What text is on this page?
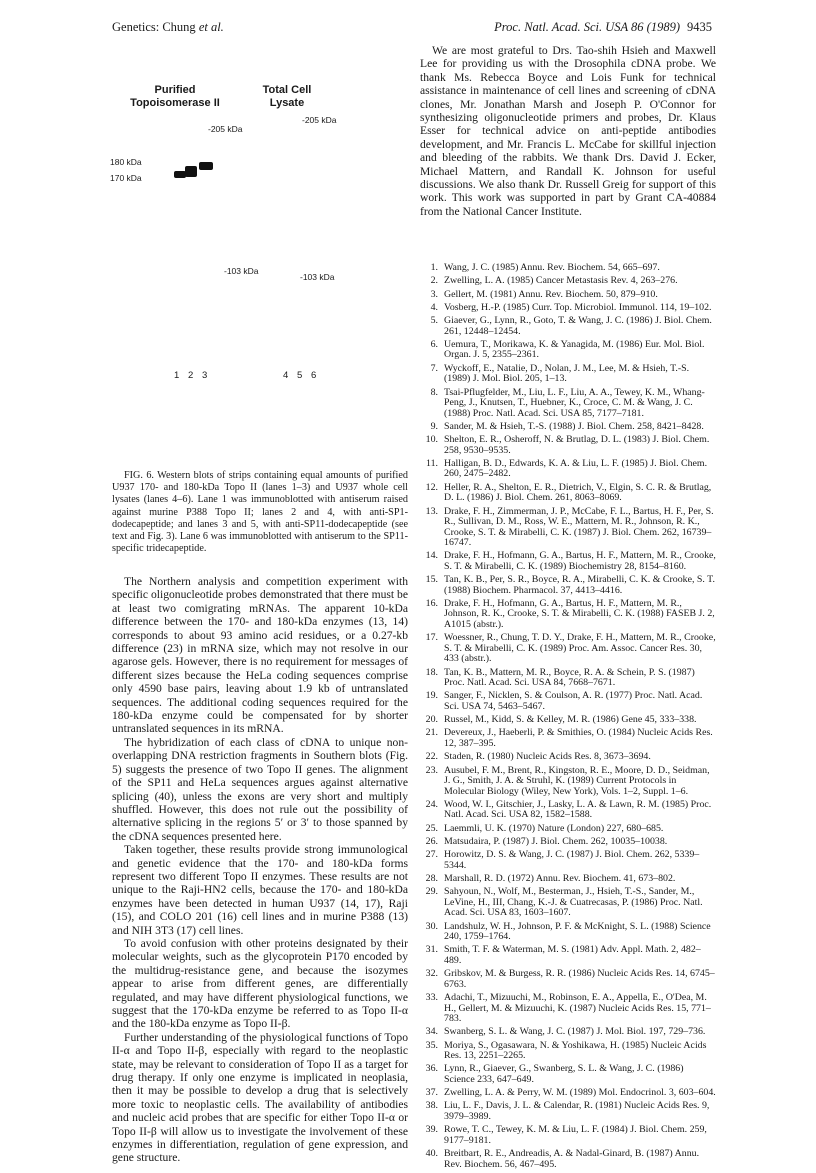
Genetics: Chung et al.	Proc. Natl. Acad. Sci. USA 86 (1989) 9435
Purified
Topoisomerase II
Total Cell
Lysate
-205 kDa
-205 kDa
180 kDa
170 kDa
-103 kDa
-103 kDa
1 2 3	4 5 6

FIG. 6. Western blots of strips containing equal amounts of purified U937 170- and 180-kDa Topo II (lanes 1–3) and U937 whole cell lysates (lanes 4–6). Lane 1 was immunoblotted with antiserum raised against murine P388 Topo II; lanes 2 and 4, with anti-SP1-dodecapeptide; and lanes 3 and 5, with anti-SP11-dodecapeptide (see text and Fig. 3). Lane 6 was immunoblotted with antiserum to the SP11-specific tridecapeptide.

The Northern analysis and competition experiment with specific oligonucleotide probes demonstrated that there must be at least two comigrating mRNAs. The apparent 10-kDa difference between the 170- and 180-kDa enzymes (13, 14) corresponds to about 93 amino acid residues, or a 0.27-kb difference (23) in mRNA size, which may not resolve in our agarose gels. However, there is no requirement for messages of different sizes because the HeLa coding sequences comprise only 4590 base pairs, leaving about 1.9 kb of untranslated sequences. The additional coding sequences required for the 180-kDa enzyme could be compensated for by shorter untranslated sequences in its mRNA.

The hybridization of each class of cDNA to unique non-overlapping DNA restriction fragments in Southern blots (Fig. 5) suggests the presence of two Topo II genes. The alignment of the SP11 and HeLa sequences argues against alternative splicing (40), unless the exons are very short and multiply shuffled. However, this does not rule out the possibility of alternative splicing in the regions 5′ or 3′ to those spanned by the cDNA sequences presented here.

Taken together, these results provide strong immunological and genetic evidence that the 170- and 180-kDa forms represent two different Topo II enzymes. These results are not unique to the Raji-HN2 cells, because the 170- and 180-kDa enzymes have been detected in human U937 (14, 17), Raji (15), and COLO 201 (16) cell lines and in murine P388 (13) and NIH 3T3 (17) cell lines.

To avoid confusion with other proteins designated by their molecular weights, such as the glycoprotein P170 encoded by the multidrug-resistance gene, and because the isozymes appear to arise from different genes, are differentially regulated, and may have different physiological functions, we suggest that the 170-kDa enzyme be referred to as Topo II-α and the 180-kDa enzyme as Topo II-β.

Further understanding of the physiological functions of Topo II-α and Topo II-β, especially with regard to the neoplastic state, may be relevant to consideration of Topo II as a target for drug therapy. If only one enzyme is implicated in neoplasia, then it may be possible to develop a drug that is selectively more toxic to neoplastic cells. The availability of antibodies and nucleic acid probes that are specific for either Topo II-α or Topo II-β will allow us to investigate the involvement of these enzymes in differentiation, regulation of gene expression, and gene structure.

We are most grateful to Drs. Tao-shih Hsieh and Maxwell Lee for providing us with the Drosophila cDNA probe. We thank Ms. Rebecca Boyce and Lois Funk for technical assistance in maintenance of cell lines and screening of cDNA clones, Mr. Jonathan Marsh and Joseph P. O'Connor for synthesizing oligonucleotide primers and probes, Dr. Klaus Esser for technical advice on anti-peptide antibodies development, and Mr. Francis L. McCabe for skillful injection and bleeding of the rabbits. We thank Drs. David J. Ecker, Michael Mattern, and Randall K. Johnson for useful discussions. We also thank Dr. Russell Greig for support of this work. This work was supported in part by Grant CA-40884 from the National Cancer Institute.

1. Wang, J. C. (1985) Annu. Rev. Biochem. 54, 665–697.
2. Zwelling, L. A. (1985) Cancer Metastasis Rev. 4, 263–276.
3. Gellert, M. (1981) Annu. Rev. Biochem. 50, 879–910.
4. Vosberg, H.-P. (1985) Curr. Top. Microbiol. Immunol. 114, 19–102.
5. Giaever, G., Lynn, R., Goto, T. & Wang, J. C. (1986) J. Biol. Chem. 261, 12448–12454.
6. Uemura, T., Morikawa, K. & Yanagida, M. (1986) Eur. Mol. Biol. Organ. J. 5, 2355–2361.
7. Wyckoff, E., Natalie, D., Nolan, J. M., Lee, M. & Hsieh, T.-S. (1989) J. Mol. Biol. 205, 1–13.
8. Tsai-Pflugfelder, M., Liu, L. F., Liu, A. A., Tewey, K. M., Whang-Peng, J., Knutsen, T., Huebner, K., Croce, C. M. & Wang, J. C. (1988) Proc. Natl. Acad. Sci. USA 85, 7177–7181.
9. Sander, M. & Hsieh, T.-S. (1988) J. Biol. Chem. 258, 8421–8428.
10. Shelton, E. R., Osheroff, N. & Brutlag, D. L. (1983) J. Biol. Chem. 258, 9530–9535.
11. Halligan, B. D., Edwards, K. A. & Liu, L. F. (1985) J. Biol. Chem. 260, 2475–2482.
12. Heller, R. A., Shelton, E. R., Dietrich, V., Elgin, S. C. R. & Brutlag, D. L. (1986) J. Biol. Chem. 261, 8063–8069.
13. Drake, F. H., Zimmerman, J. P., McCabe, F. L., Bartus, H. F., Per, S. R., Sullivan, D. M., Ross, W. E., Mattern, M. R., Johnson, R. K., Crooke, S. T. & Mirabelli, C. K. (1987) J. Biol. Chem. 262, 16739–16747.
14. Drake, F. H., Hofmann, G. A., Bartus, H. F., Mattern, M. R., Crooke, S. T. & Mirabelli, C. K. (1989) Biochemistry 28, 8154–8160.
15. Tan, K. B., Per, S. R., Boyce, R. A., Mirabelli, C. K. & Crooke, S. T. (1988) Biochem. Pharmacol. 37, 4413–4416.
16. Drake, F. H., Hofmann, G. A., Bartus, H. F., Mattern, M. R., Johnson, R. K., Crooke, S. T. & Mirabelli, C. K. (1988) FASEB J. 2, A1015 (abstr.).
17. Woessner, R., Chung, T. D. Y., Drake, F. H., Mattern, M. R., Crooke, S. T. & Mirabelli, C. K. (1989) Proc. Am. Assoc. Cancer Res. 30, 433 (abstr.).
18. Tan, K. B., Mattern, M. R., Boyce, R. A. & Schein, P. S. (1987) Proc. Natl. Acad. Sci. USA 84, 7668–7671.
19. Sanger, F., Nicklen, S. & Coulson, A. R. (1977) Proc. Natl. Acad. Sci. USA 74, 5463–5467.
20. Russel, M., Kidd, S. & Kelley, M. R. (1986) Gene 45, 333–338.
21. Devereux, J., Haeberli, P. & Smithies, O. (1984) Nucleic Acids Res. 12, 387–395.
22. Staden, R. (1980) Nucleic Acids Res. 8, 3673–3694.
23. Ausubel, F. M., Brent, R., Kingston, R. E., Moore, D. D., Seidman, J. G., Smith, J. A. & Struhl, K. (1989) Current Protocols in Molecular Biology (Wiley, New York), Vols. 1–2, Suppl. 1–6.
24. Wood, W. I., Gitschier, J., Lasky, L. A. & Lawn, R. M. (1985) Proc. Natl. Acad. Sci. USA 82, 1582–1588.
25. Laemmli, U. K. (1970) Nature (London) 227, 680–685.
26. Matsudaira, P. (1987) J. Biol. Chem. 262, 10035–10038.
27. Horowitz, D. S. & Wang, J. C. (1987) J. Biol. Chem. 262, 5339–5344.
28. Marshall, R. D. (1972) Annu. Rev. Biochem. 41, 673–802.
29. Sahyoun, N., Wolf, M., Besterman, J., Hsieh, T.-S., Sander, M., LeVine, H., III, Chang, K.-J. & Cuatrecasas, P. (1986) Proc. Natl. Acad. Sci. USA 83, 1603–1607.
30. Landshulz, W. H., Johnson, P. F. & McKnight, S. L. (1988) Science 240, 1759–1764.
31. Smith, T. F. & Waterman, M. S. (1981) Adv. Appl. Math. 2, 482–489.
32. Gribskov, M. & Burgess, R. R. (1986) Nucleic Acids Res. 14, 6745–6763.
33. Adachi, T., Mizuuchi, M., Robinson, E. A., Appella, E., O'Dea, M. H., Gellert, M. & Mizuuchi, K. (1987) Nucleic Acids Res. 15, 771–783.
34. Swanberg, S. L. & Wang, J. C. (1987) J. Mol. Biol. 197, 729–736.
35. Moriya, S., Ogasawara, N. & Yoshikawa, H. (1985) Nucleic Acids Res. 13, 2251–2265.
36. Lynn, R., Giaever, G., Swanberg, S. L. & Wang, J. C. (1986) Science 233, 647–649.
37. Zwelling, L. A. & Perry, W. M. (1989) Mol. Endocrinol. 3, 603–604.
38. Liu, L. F., Davis, J. L. & Calendar, R. (1981) Nucleic Acids Res. 9, 3979–3989.
39. Rowe, T. C., Tewey, K. M. & Liu, L. F. (1984) J. Biol. Chem. 259, 9177–9181.
40. Breitbart, R. E., Andreadis, A. & Nadal-Ginard, B. (1987) Annu. Rev. Biochem. 56, 467–495.
